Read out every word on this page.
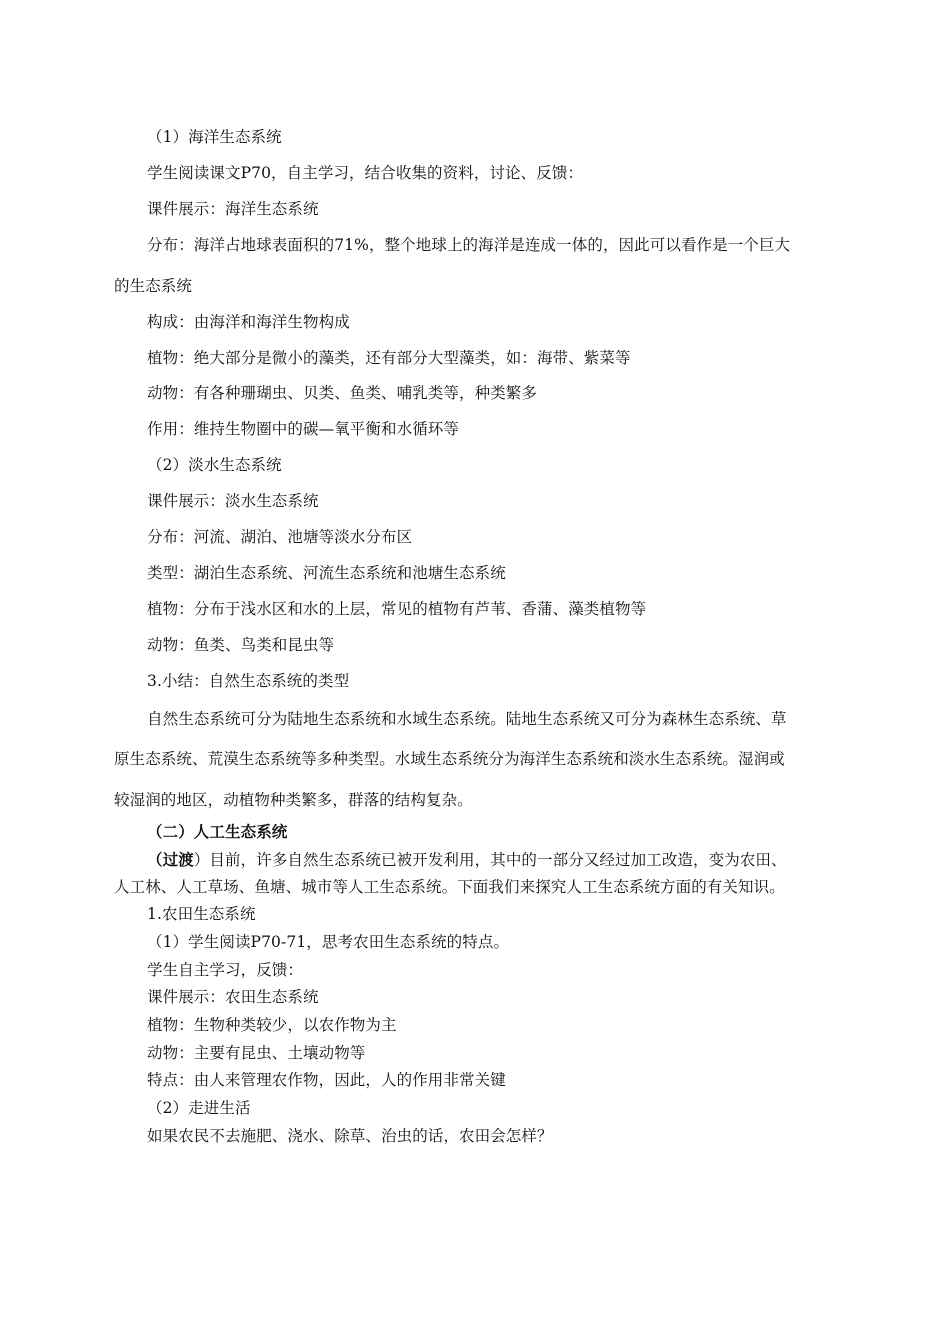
（1）海洋生态系统
学生阅读课文P70，自主学习，结合收集的资料，讨论、反馈：
课件展示：海洋生态系统
分布：海洋占地球表面积的71%，整个地球上的海洋是连成一体的，因此可以看作是一个巨大
的生态系统
构成：由海洋和海洋生物构成
植物：绝大部分是微小的藻类，还有部分大型藻类，如：海带、紫菜等
动物：有各种珊瑚虫、贝类、鱼类、哺乳类等，种类繁多
作用：维持生物圈中的碳—氧平衡和水循环等
（2）淡水生态系统
课件展示：淡水生态系统
分布：河流、湖泊、池塘等淡水分布区
类型：湖泊生态系统、河流生态系统和池塘生态系统
植物：分布于浅水区和水的上层，常见的植物有芦苇、香蒲、藻类植物等
动物：鱼类、鸟类和昆虫等
3.小结：自然生态系统的类型
自然生态系统可分为陆地生态系统和水域生态系统。陆地生态系统又可分为森林生态系统、草
原生态系统、荒漠生态系统等多种类型。水域生态系统分为海洋生态系统和淡水生态系统。湿润或
较湿润的地区，动植物种类繁多，群落的结构复杂。
（二）人工生态系统
（过渡）目前，许多自然生态系统已被开发利用，其中的一部分又经过加工改造，变为农田、
人工林、人工草场、鱼塘、城市等人工生态系统。下面我们来探究人工生态系统方面的有关知识。
1.农田生态系统
（1）学生阅读P70-71，思考农田生态系统的特点。
学生自主学习，反馈：
课件展示：农田生态系统
植物：生物种类较少，以农作物为主
动物：主要有昆虫、土壤动物等
特点：由人来管理农作物，因此，人的作用非常关键
（2）走进生活
如果农民不去施肥、浇水、除草、治虫的话，农田会怎样？
